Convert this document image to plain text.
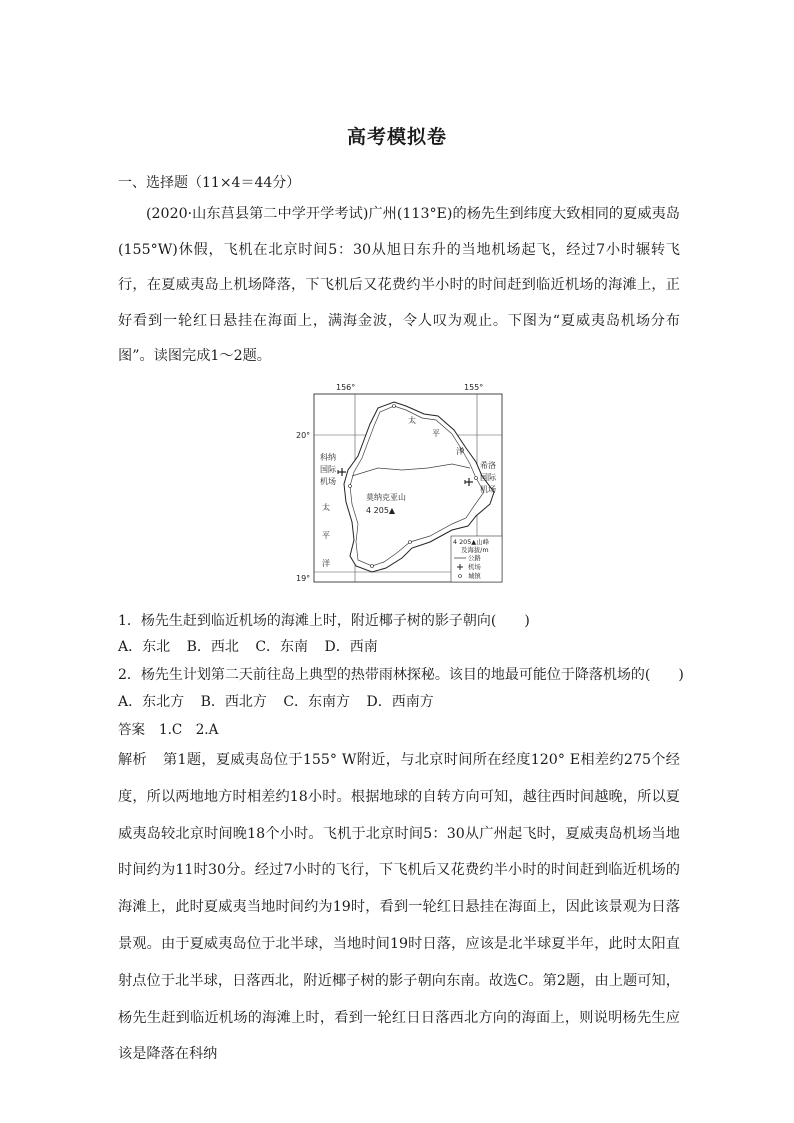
高考模拟卷
一、选择题（11×4＝44分）
(2020·山东莒县第二中学开学考试)广州(113°E)的杨先生到纬度大致相同的夏威夷岛(155°W)休假，飞机在北京时间5：30从旭日东升的当地机场起飞，经过7小时辗转飞行，在夏威夷岛上机场降落，下飞机后又花费约半小时的时间赶到临近机场的海滩上，正好看到一轮红日悬挂在海面上，满海金波，令人叹为观止。下图为“夏威夷岛机场分布图”。读图完成1～2题。
156°	155°
20°
19°
太
平
洋
科纳
国际
机场
希洛
国际
机场
太
平
洋
莫纳克亚山
4 205▲
4 205▲山峰
及海拔/m
公路
机场
城镇
1．杨先生赶到临近机场的海滩上时，附近椰子树的影子朝向(　　)
A．东北 B．西北 C．东南 D．西南
2．杨先生计划第二天前往岛上典型的热带雨林探秘。该目的地最可能位于降落机场的(　　)
A．东北方 B．西北方 C．东南方 D．西南方
答案 1.C　2.A
解析 第1题，夏威夷岛位于155° W附近，与北京时间所在经度120° E相差约275个经度，所以两地地方时相差约18小时。根据地球的自转方向可知，越往西时间越晚，所以夏威夷岛较北京时间晚18个小时。飞机于北京时间5：30从广州起飞时，夏威夷岛机场当地时间约为11时30分。经过7小时的飞行，下飞机后又花费约半小时的时间赶到临近机场的海滩上，此时夏威夷当地时间约为19时，看到一轮红日悬挂在海面上，因此该景观为日落景观。由于夏威夷岛位于北半球，当地时间19时日落，应该是北半球夏半年，此时太阳直射点位于北半球，日落西北，附近椰子树的影子朝向东南。故选C。第2题，由上题可知，杨先生赶到临近机场的海滩上时，看到一轮红日日落西北方向的海面上，则说明杨先生应该是降落在科纳
